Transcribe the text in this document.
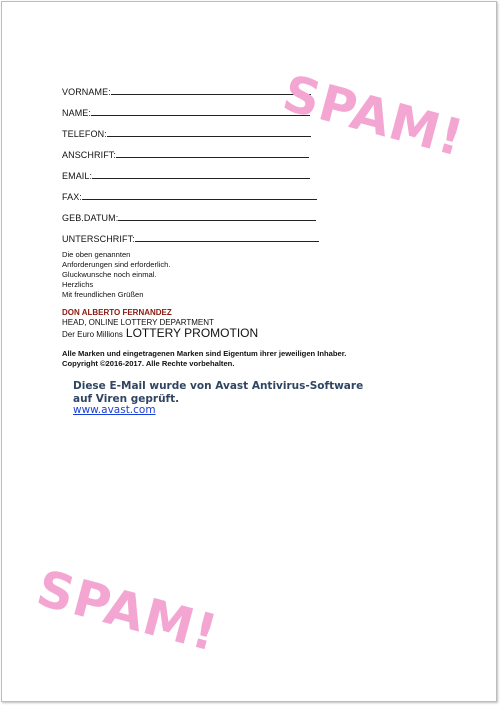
VORNAME:
NAME:
TELEFON:
ANSCHRIFT:
EMAIL:
FAX:
GEB.DATUM:
UNTERSCHRIFT:
Die oben genannten
Anforderungen sind erforderlich.
Gluckwunsche noch einmal.
Herzlichs
Mit freundlichen Grüßen
DON ALBERTO FERNANDEZ
HEAD, ONLINE LOTTERY DEPARTMENT
Der Euro Millions LOTTERY PROMOTION
Alle Marken und eingetragenen Marken sind Eigentum ihrer jeweiligen Inhaber.
Copyright ©2016-2017. Alle Rechte vorbehalten.
Diese E-Mail wurde von Avast Antivirus-Software
auf Viren geprüft.
www.avast.com
SPAM!
SPAM!
